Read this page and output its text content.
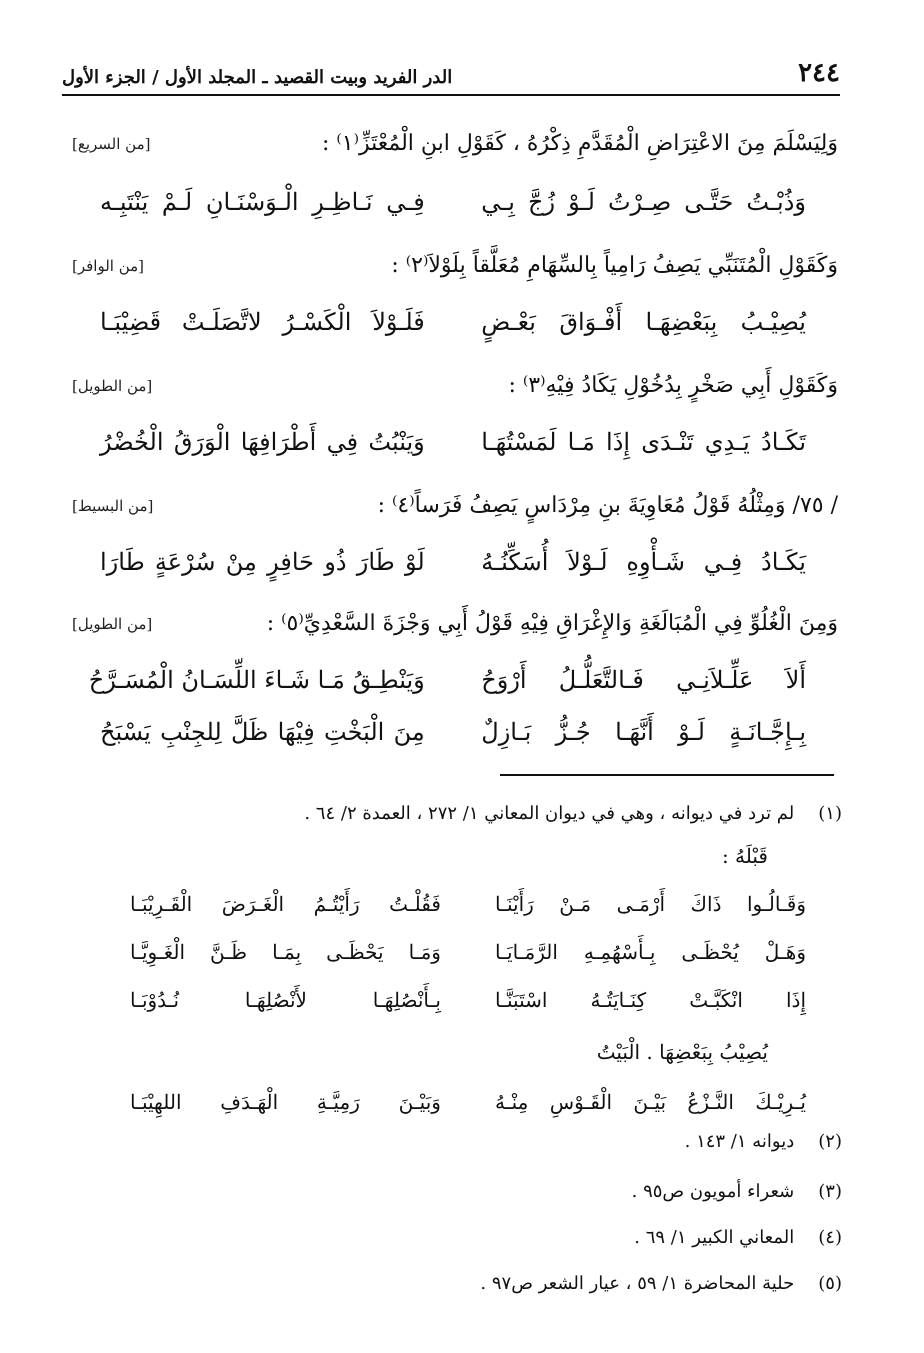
٢٤٤
الدر الفريد وبيت القصيد ـ المجلد الأول / الجزء الأول
وَلِيَسْلَمَ مِنَ الاعْتِرَاضِ الْمُقَدَّمِ ذِكْرُهُ ، كَقَوْلِ ابنِ الْمُعْتَزِّ⁽١⁾ :
[من السريع]
وَذُبْـتُ حَتَّـى صِـرْتُ لَـوْ زُجَّ بِـي
فِـي نَـاظِـرِ الْـوَسْنَـانِ لَـمْ يَنْتَبِـه
وَكَقَوْلِ الْمُتَنَبِّي يَصِفُ رَامِياً بِالسِّهَامِ مُعَلَّقاً بِلَوْلاَ⁽٢⁾ :
[من الوافر]
يُصِيْـبُ بِبَعْضِهَـا أَفْـوَاقَ بَعْـضٍ
فَلَـوْلاَ الْكَسْـرُ لاتَّصَلَـتْ قَضِيْبَـا
وَكَقَوْلِ أَبِي صَخْرٍ بِدُخُوْلِ يَكَادُ فِيْهِ⁽٣⁾ :
[من الطويل]
تَكَـادُ يَـدِي تَنْـدَى إِذَا مَـا لَمَسْتُهَـا
وَيَنْبُتُ فِي أَطْرَافِهَا الْوَرَقُ الْخُضْرُ
/ ٧٥/ وَمِثْلُهُ قَوْلُ مُعَاوِيَةَ بنِ مِرْدَاسٍ يَصِفُ فَرَساً⁽٤⁾ :
[من البسيط]
يَكَـادُ فِـي شَـأْوِهِ لَـوْلاَ أُسَكِّنُـهُ
لَوْ طَارَ ذُو حَافِرٍ مِنْ سُرْعَةٍ طَارَا
وَمِنَ الْغُلُوِّ فِي الْمُبَالَغَةِ وَالإِغْرَاقِ فِيْهِ قَوْلُ أَبِي وَجْزَةَ السَّعْدِيِّ⁽٥⁾ :
[من الطويل]
أَلاَ عَلِّـلاَنِـي فَـالتَّعَلُّـلُ أَرْوَحُ
وَيَنْطِـقُ مَـا شَـاءَ اللِّسَـانُ الْمُسَـرَّحُ
بِـإِجَّـانَـةٍ لَـوْ أَنَّهَـا جُـزُّ بَـازِلٌ
مِنَ الْبَخْتِ فِيْهَا ظَلَّ لِلجِنْبِ يَسْبَحُ
(١) لم ترد في ديوانه ، وهي في ديوان المعاني ١/ ٢٧٢ ، العمدة ٢/ ٦٤ .
قَبْلَهُ :
وَقَـالُـوا ذَاكَ أَرْمَـى مَـنْ رَأَيْنَـا
فَقُلْـتُ رَأَيْتُـمُ الْغَـرَضَ الْقَـرِيْبَـا
وَهَـلْ يُحْظَـى بِـأَسْهُمِـهِ الرَّمَـايَـا
وَمَـا يَحْظَـى بِمَـا ظَـنَّ الْغَـوِيَّـا
إِذَا انْكَبَّـتْ كِنَـايَتُـهُ اسْتَبَنَّـا
بِـأَنْصُلِهَـا لأَنْصُلِهَـا نُـدُوْبَـا
يُصِيْبُ بِبَعْضِهَا . الْبَيْتُ
يُـرِيْـكَ النَّـزْعُ بَيْـنَ الْقَـوْسِ مِنْـهُ
وَبَيْـنَ رَمِيَّـةِ الْهَـدَفِ اللهِيْبَـا
(٢) ديوانه ١/ ١٤٣ .
(٣) شعراء أمويون ص٩٥ .
(٤) المعاني الكبير ١/ ٦٩ .
(٥) حلية المحاضرة ١/ ٥٩ ، عيار الشعر ص٩٧ .
